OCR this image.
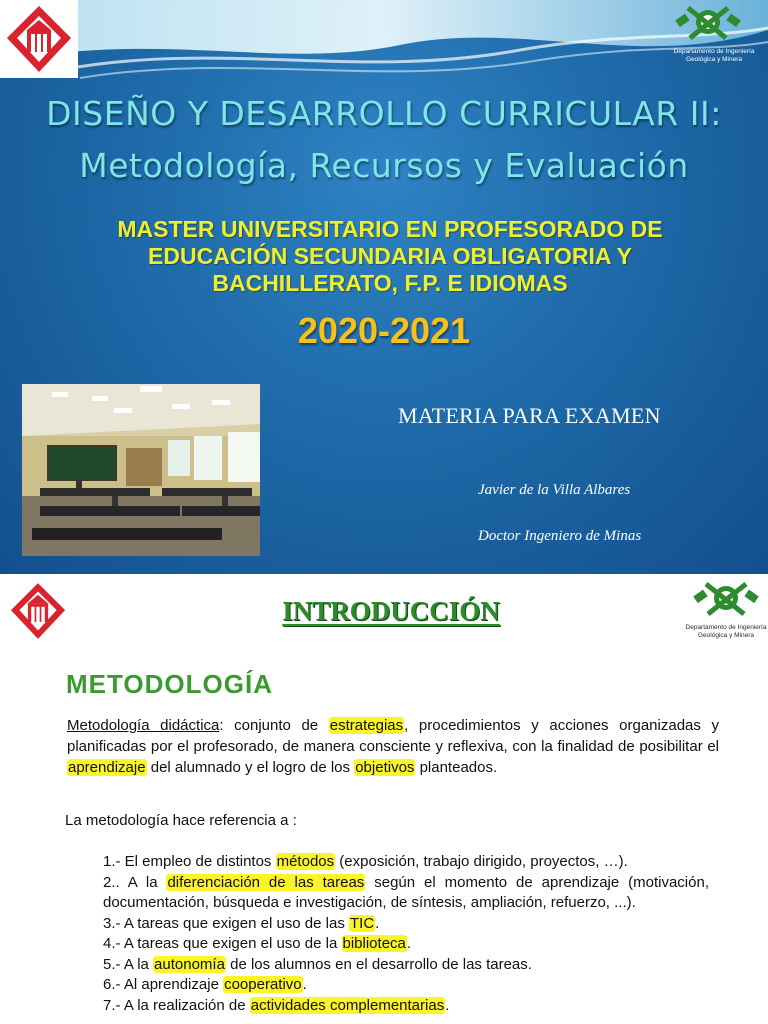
Departamento de Ingeniería
Geológica y Minera
DISEÑO Y DESARROLLO CURRICULAR II:
Metodología, Recursos y Evaluación
MASTER UNIVERSITARIO EN PROFESORADO DE
EDUCACIÓN SECUNDARIA OBLIGATORIA Y
BACHILLERATO, F.P. E IDIOMAS
2020-2021
MATERIA PARA EXAMEN
Javier de la Villa Albares
Doctor Ingeniero de Minas
Departamento de Ingeniería
Geológica y Minera
INTRODUCCIÓN
METODOLOGÍA
Metodología didáctica: conjunto de estrategias, procedimientos y acciones organizadas y planificadas por el profesorado, de manera consciente y reflexiva, con la finalidad de posibilitar el aprendizaje del alumnado y el logro de los objetivos planteados.
La metodología hace referencia a :

1.- El empleo de distintos métodos (exposición, trabajo dirigido, proyectos, …).

2.. A la diferenciación de las tareas según el momento de aprendizaje (motivación, documentación, búsqueda e investigación, de síntesis, ampliación, refuerzo, ...).

3.- A tareas que exigen el uso de las TIC.

4.- A tareas que exigen el uso de la biblioteca.

5.- A la autonomía de los alumnos en el desarrollo de las tareas.

6.- Al aprendizaje cooperativo.

7.- A la realización de actividades complementarias.
